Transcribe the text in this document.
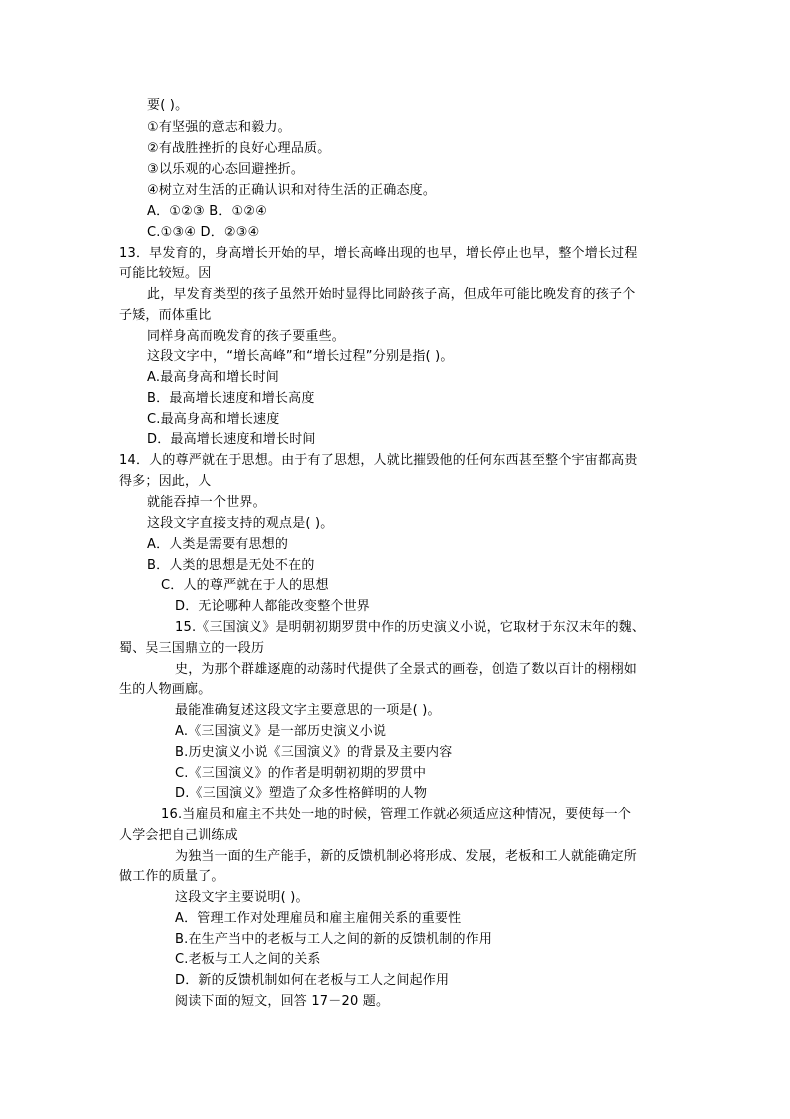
要( )。
①有坚强的意志和毅力。
②有战胜挫折的良好心理品质。
③以乐观的心态回避挫折。
④树立对生活的正确认识和对待生活的正确态度。
A．①②③ B．①②④
C.①③④ D．②③④
13．早发育的，身高增长开始的早，增长高峰出现的也早，增长停止也早，整个增长过程
可能比较短。因
此，早发育类型的孩子虽然开始时显得比同龄孩子高，但成年可能比晚发育的孩子个
子矮，而体重比
同样身高而晚发育的孩子要重些。
这段文字中，“增长高峰”和“增长过程”分别是指( )。
A.最高身高和增长时间
B．最高增长速度和增长高度
C.最高身高和增长速度
D．最高增长速度和增长时间
14．人的尊严就在于思想。由于有了思想，人就比摧毁他的任何东西甚至整个宇宙都高贵
得多；因此，人
就能吞掉一个世界。
这段文字直接支持的观点是( )。
A．人类是需要有思想的
B．人类的思想是无处不在的
C．人的尊严就在于人的思想
D．无论哪种人都能改变整个世界
15.《三国演义》是明朝初期罗贯中作的历史演义小说，它取材于东汉末年的魏、
蜀、吴三国鼎立的一段历
史，为那个群雄逐鹿的动荡时代提供了全景式的画卷，创造了数以百计的栩栩如
生的人物画廊。
最能准确复述这段文字主要意思的一项是( )。
A.《三国演义》是一部历史演义小说
B.历史演义小说《三国演义》的背景及主要内容
C.《三国演义》的作者是明朝初期的罗贯中
D.《三国演义》塑造了众多性格鲜明的人物
16.当雇员和雇主不共处一地的时候，管理工作就必须适应这种情况，要使每一个
人学会把自己训练成
为独当一面的生产能手，新的反馈机制必将形成、发展，老板和工人就能确定所
做工作的质量了。
这段文字主要说明( )。
A．管理工作对处理雇员和雇主雇佣关系的重要性
B.在生产当中的老板与工人之间的新的反馈机制的作用
C.老板与工人之间的关系
D．新的反馈机制如何在老板与工人之间起作用
阅读下面的短文，回答 17－20 题。
